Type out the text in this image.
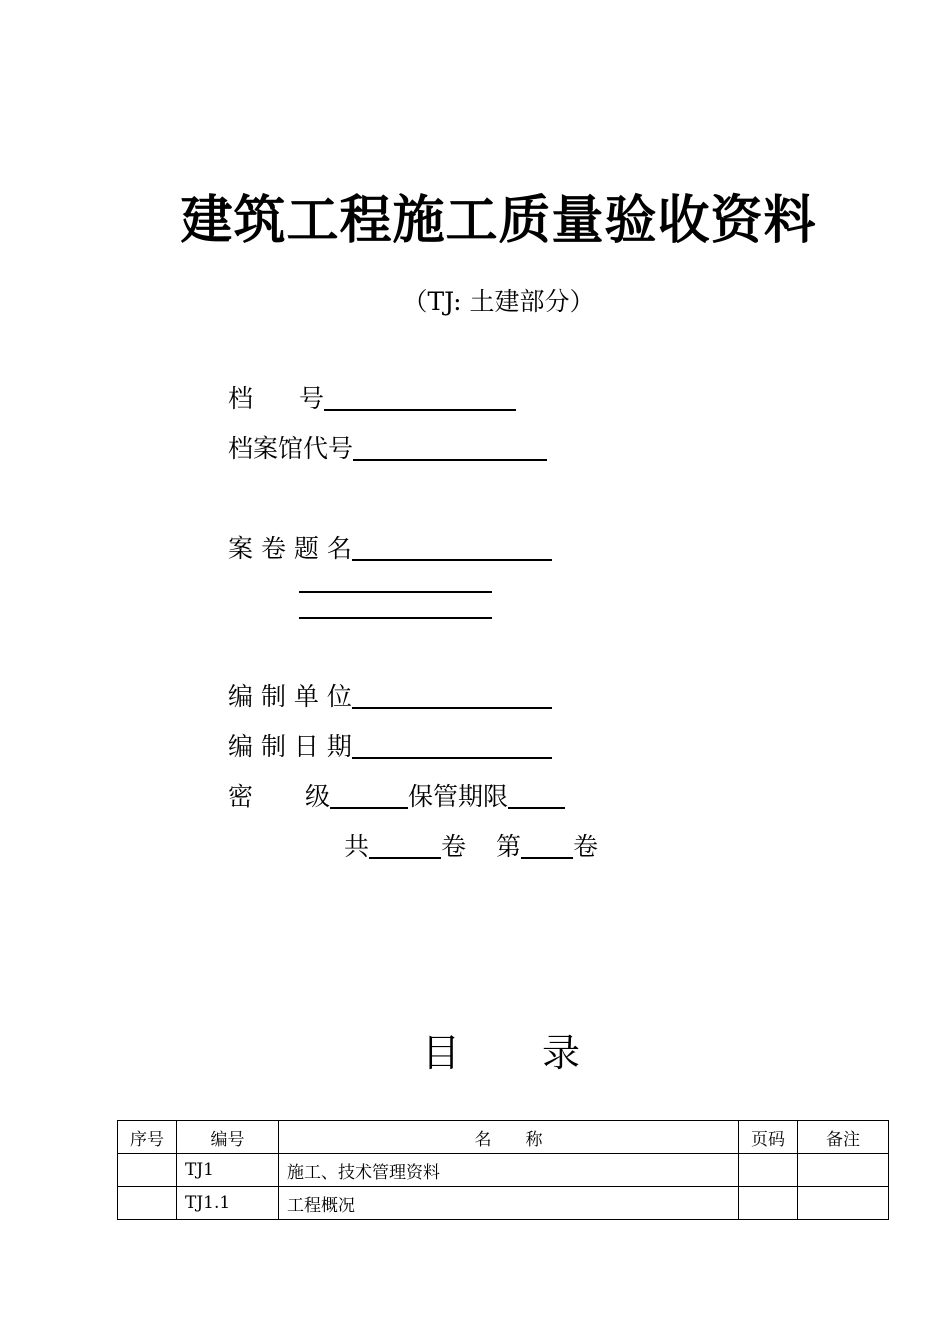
建筑工程施工质量验收资料
（TJ: 土建部分）
档 号
档案馆代号
案 卷 题 名
编 制 单 位
编 制 日 期
密 级	保管期限
共	卷 第 卷
目 录
序号	编号	名　　称	页码	备注
	TJ1	施工、技术管理资料		
	TJ1.1	工程概况		
